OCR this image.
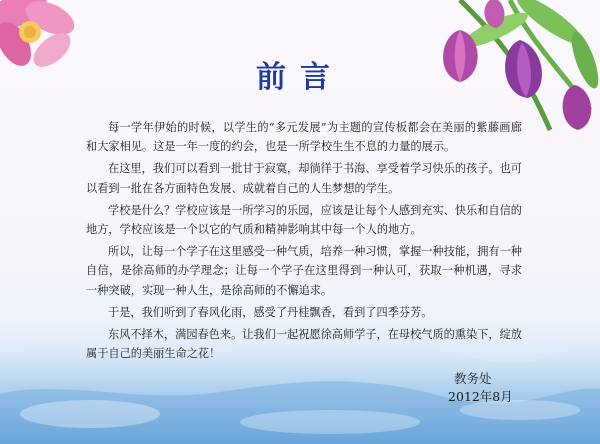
前言

每一学年伊始的时候，以学生的“多元发展”为主题的宣传板都会在美丽的紫藤画廊和大家相见。这是一年一度的约会，也是一所学校生生不息的力量的展示。

在这里，我们可以看到一批甘于寂寞，却徜徉于书海、享受着学习快乐的孩子。也可以看到一批在各方面特色发展、成就着自己的人生梦想的学生。

学校是什么？学校应该是一所学习的乐园，应该是让每个人感到充实、快乐和自信的地方，学校应该是一个以它的气质和精神影响其中每一个人的地方。

所以，让每一个学子在这里感受一种气质，培养一种习惯，掌握一种技能，拥有一种自信，是徐高师的办学理念；让每一个学子在这里得到一种认可，获取一种机遇，寻求一种突破，实现一种人生，是徐高师的不懈追求。

于是，我们听到了春风化雨，感受了丹桂飘香，看到了四季芬芳。

东风不择木，满园春色来。让我们一起祝愿徐高师学子，在母校气质的熏染下，绽放属于自己的美丽生命之花！

教务处
2012年8月
